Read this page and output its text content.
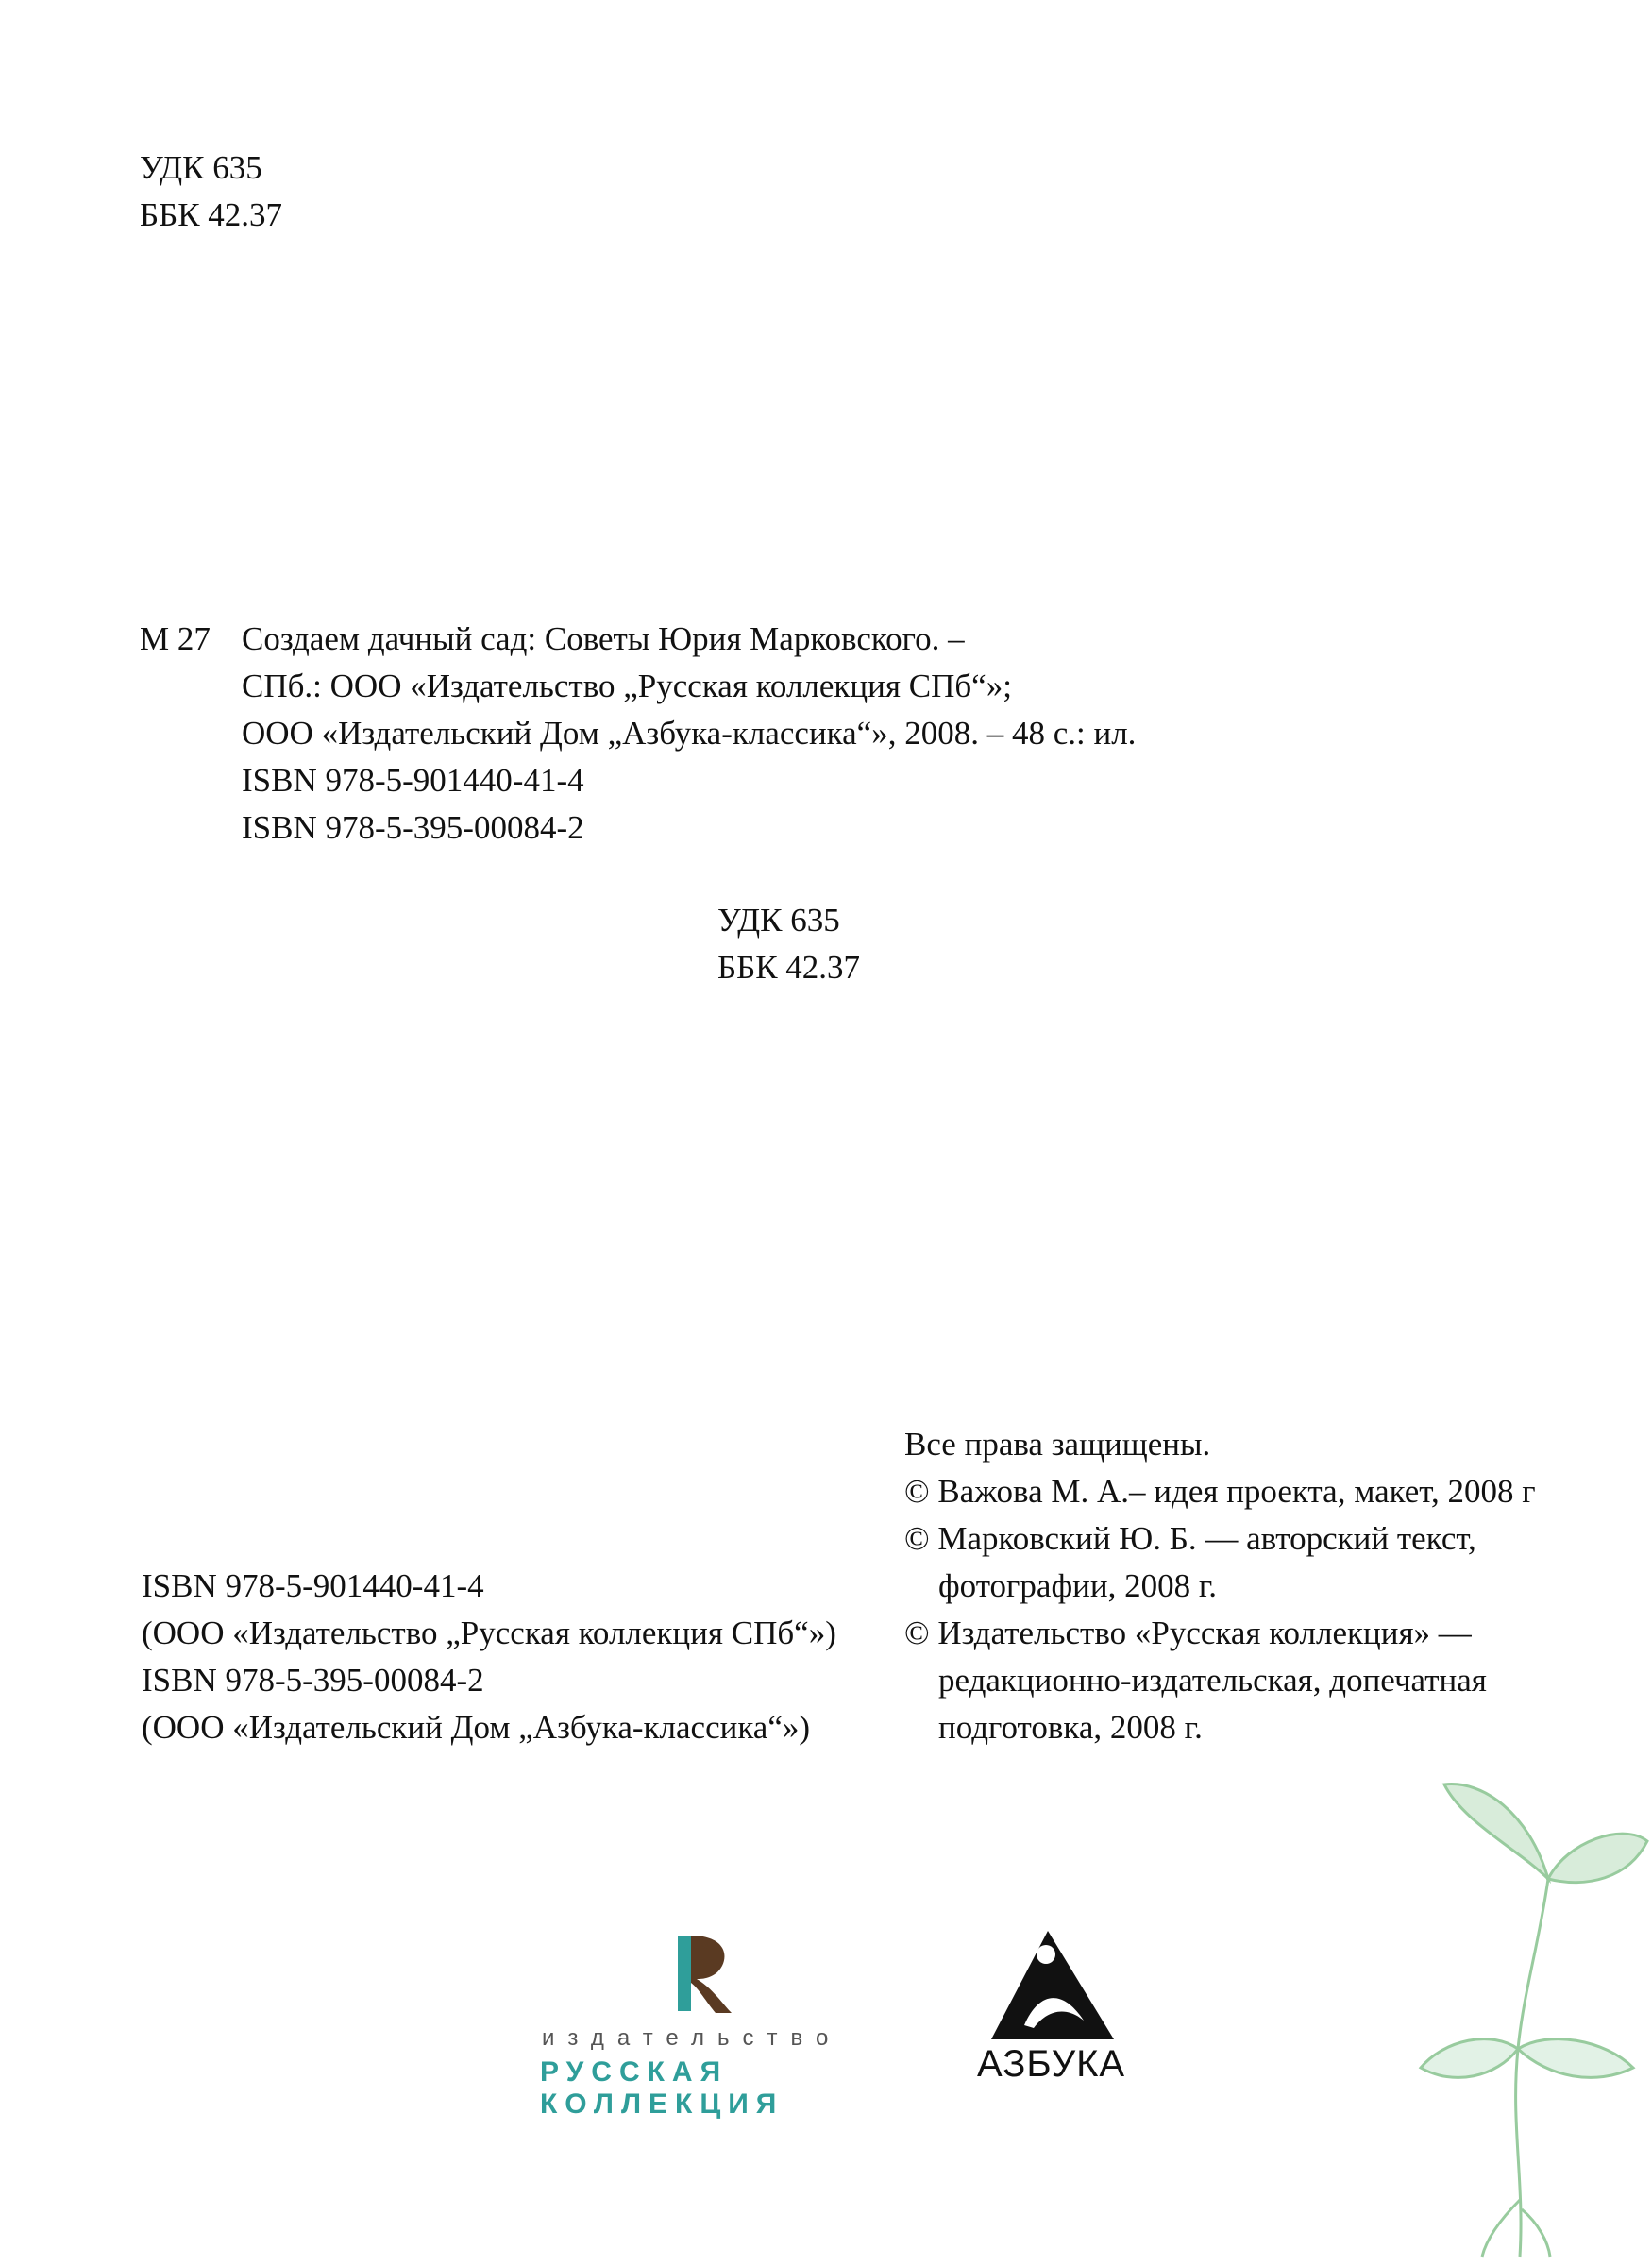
УДК 635
ББК 42.37
М 27 Создаем дачный сад: Советы Юрия Марковского. –
СПб.: ООО «Издательство „Русская коллекция СПб“»;
ООО «Издательский Дом „Азбука-классика“», 2008. – 48 с.: ил.
ISBN 978-5-901440-41-4
ISBN 978-5-395-00084-2
УДК 635
ББК 42.37
ISBN 978-5-901440-41-4
(ООО «Издательство „Русская коллекция СПб“»)
ISBN 978-5-395-00084-2
(ООО «Издательский Дом „Азбука-классика“»)
Все права защищены.
© Важова М. А.– идея проекта, макет, 2008 г
© Марковский Ю. Б. — авторский текст,
фотографии, 2008 г.
© Издательство «Русская коллекция» —
редакционно-издательская, допечатная
подготовка, 2008 г.
издательство
РУССКАЯ КОЛЛЕКЦИЯ
АЗБУКА
